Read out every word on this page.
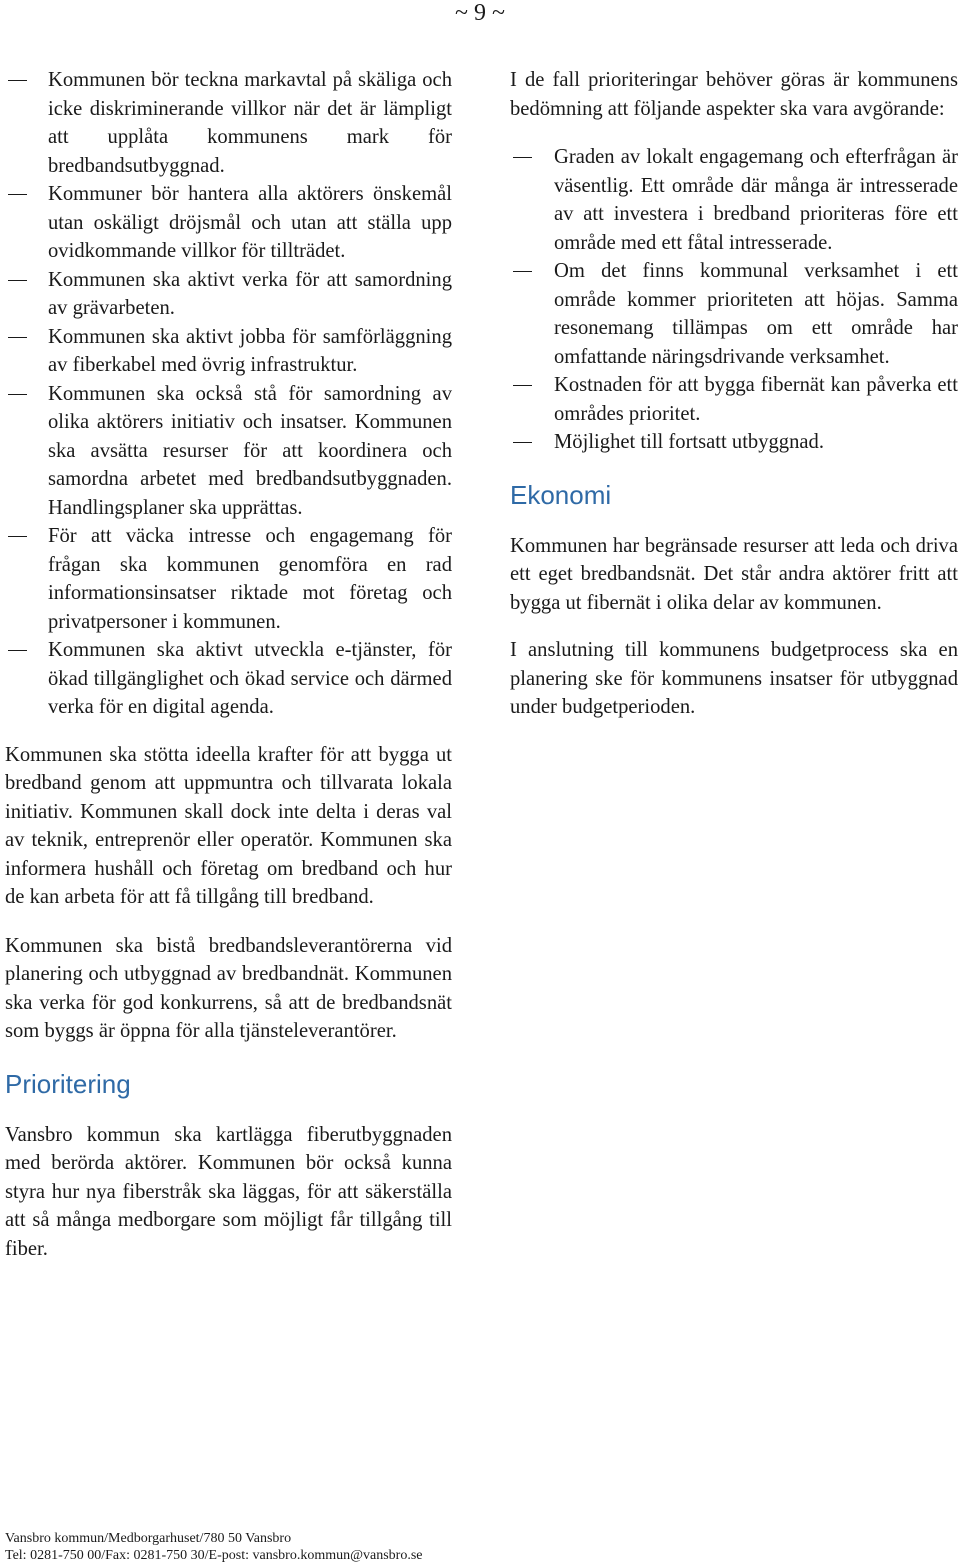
~ 9 ~
Kommunen bör teckna markavtal på skäliga och icke diskriminerande villkor när det är lämpligt att upplåta kommunens mark för bredbandsutbyggnad.
Kommuner bör hantera alla aktörers önskemål utan oskäligt dröjsmål och utan att ställa upp ovidkommande villkor för tillträdet.
Kommunen ska aktivt verka för att samordning av grävarbeten.
Kommunen ska aktivt jobba för samförläggning av fiberkabel med övrig infrastruktur.
Kommunen ska också stå för samordning av olika aktörers initiativ och insatser. Kommunen ska avsätta resurser för att koordinera och samordna arbetet med bredbandsutbyggnaden. Handlingsplaner ska upprättas.
För att väcka intresse och engagemang för frågan ska kommunen genomföra en rad informationsinsatser riktade mot företag och privatpersoner i kommunen.
Kommunen ska aktivt utveckla e-tjänster, för ökad tillgänglighet och ökad service och därmed verka för en digital agenda.

Kommunen ska stötta ideella krafter för att bygga ut bredband genom att uppmuntra och tillvarata lokala initiativ. Kommunen skall dock inte delta i deras val av teknik, entreprenör eller operatör. Kommunen ska informera hushåll och företag om bredband och hur de kan arbeta för att få tillgång till bredband.

Kommunen ska bistå bredbandsleverantörerna vid planering och utbyggnad av bredbandnät. Kommunen ska verka för god konkurrens, så att de bredbandsnät som byggs är öppna för alla tjänsteleverantörer.

Prioritering

Vansbro kommun ska kartlägga fiberutbyggnaden med berörda aktörer. Kommunen bör också kunna styra hur nya fiberstråk ska läggas, för att säkerställa att så många medborgare som möjligt får tillgång till fiber.

I de fall prioriteringar behöver göras är kommunens bedömning att följande aspekter ska vara avgörande:

Graden av lokalt engagemang och efterfrågan är väsentlig. Ett område där många är intresserade av att investera i bredband prioriteras före ett område med ett fåtal intresserade.
Om det finns kommunal verksamhet i ett område kommer prioriteten att höjas. Samma resonemang tillämpas om ett område har omfattande näringsdrivande verksamhet.
Kostnaden för att bygga fibernät kan påverka ett områdes prioritet.
Möjlighet till fortsatt utbyggnad.
Ekonomi

Kommunen har begränsade resurser att leda och driva ett eget bredbandsnät. Det står andra aktörer fritt att bygga ut fibernät i olika delar av kommunen.

I anslutning till kommunens budgetprocess ska en planering ske för kommunens insatser för utbyggnad under budgetperioden.

Vansbro kommun/Medborgarhuset/780 50 Vansbro
Tel: 0281-750 00/Fax: 0281-750 30/E-post: vansbro.kommun@vansbro.se
